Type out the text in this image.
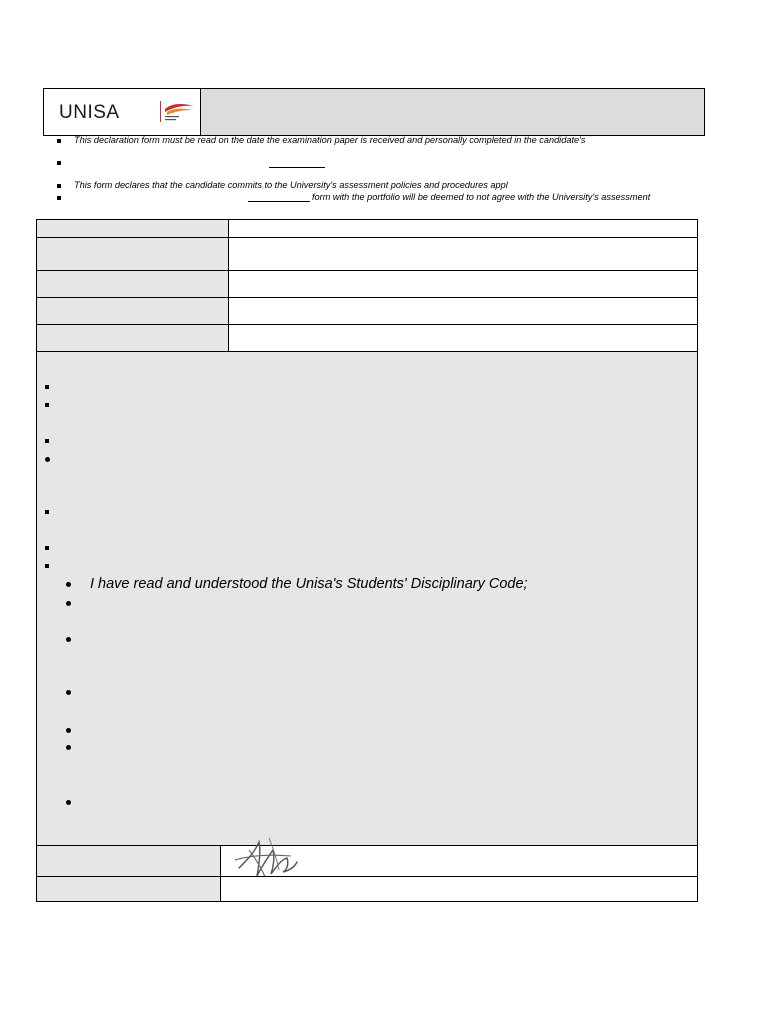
UNISA
This declaration form must be read on the date the examination paper is received and personally completed in the candidate's
This form declares that the candidate commits to the University's assessment policies and procedures appl
form with the portfolio will be deemed to not agree with the University's assessment
I have read and understood the Unisa's Students' Disciplinary Code;
